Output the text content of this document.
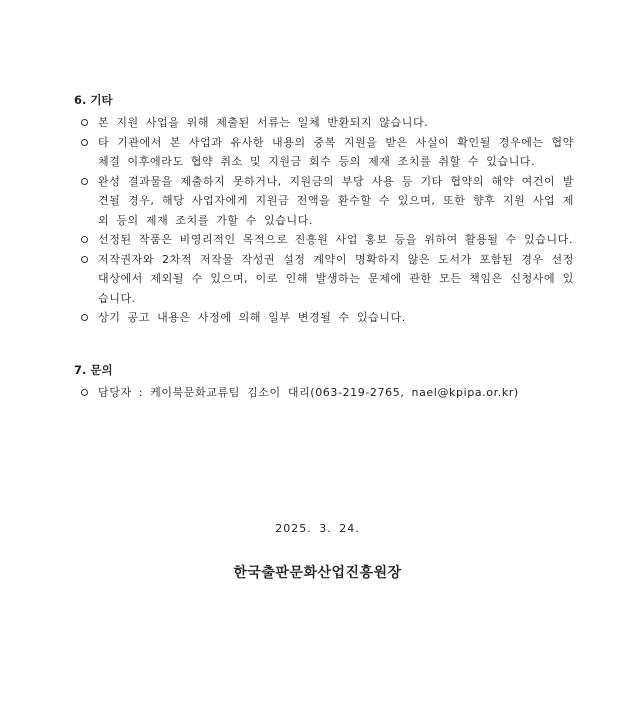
6. 기타
본 지원 사업을 위해 제출된 서류는 일체 반환되지 않습니다.
타 기관에서 본 사업과 유사한 내용의 중복 지원을 받은 사실이 확인될 경우에는 협약체결 이후에라도 협약 취소 및 지원금 회수 등의 제재 조치를 취할 수 있습니다.
완성 결과물을 제출하지 못하거나, 지원금의 부당 사용 등 기타 협약의 해약 여건이 발견될 경우, 해당 사업자에게 지원금 전액을 환수할 수 있으며, 또한 향후 지원 사업 제외 등의 제재 조치를 가할 수 있습니다.
선정된 작품은 비영리적인 목적으로 진흥원 사업 홍보 등을 위하여 활용될 수 있습니다.
저작권자와 2차적 저작물 작성권 설정 계약이 명확하지 않은 도서가 포함된 경우 선정 대상에서 제외될 수 있으며, 이로 인해 발생하는 문제에 관한 모든 책임은 신청사에 있습니다.
상기 공고 내용은 사정에 의해 일부 변경될 수 있습니다.
7. 문의
담당자 : 케이북문화교류팀 김소이 대리(063-219-2765, nael@kpipa.or.kr)
2025. 3. 24.
한국출판문화산업진흥원장
